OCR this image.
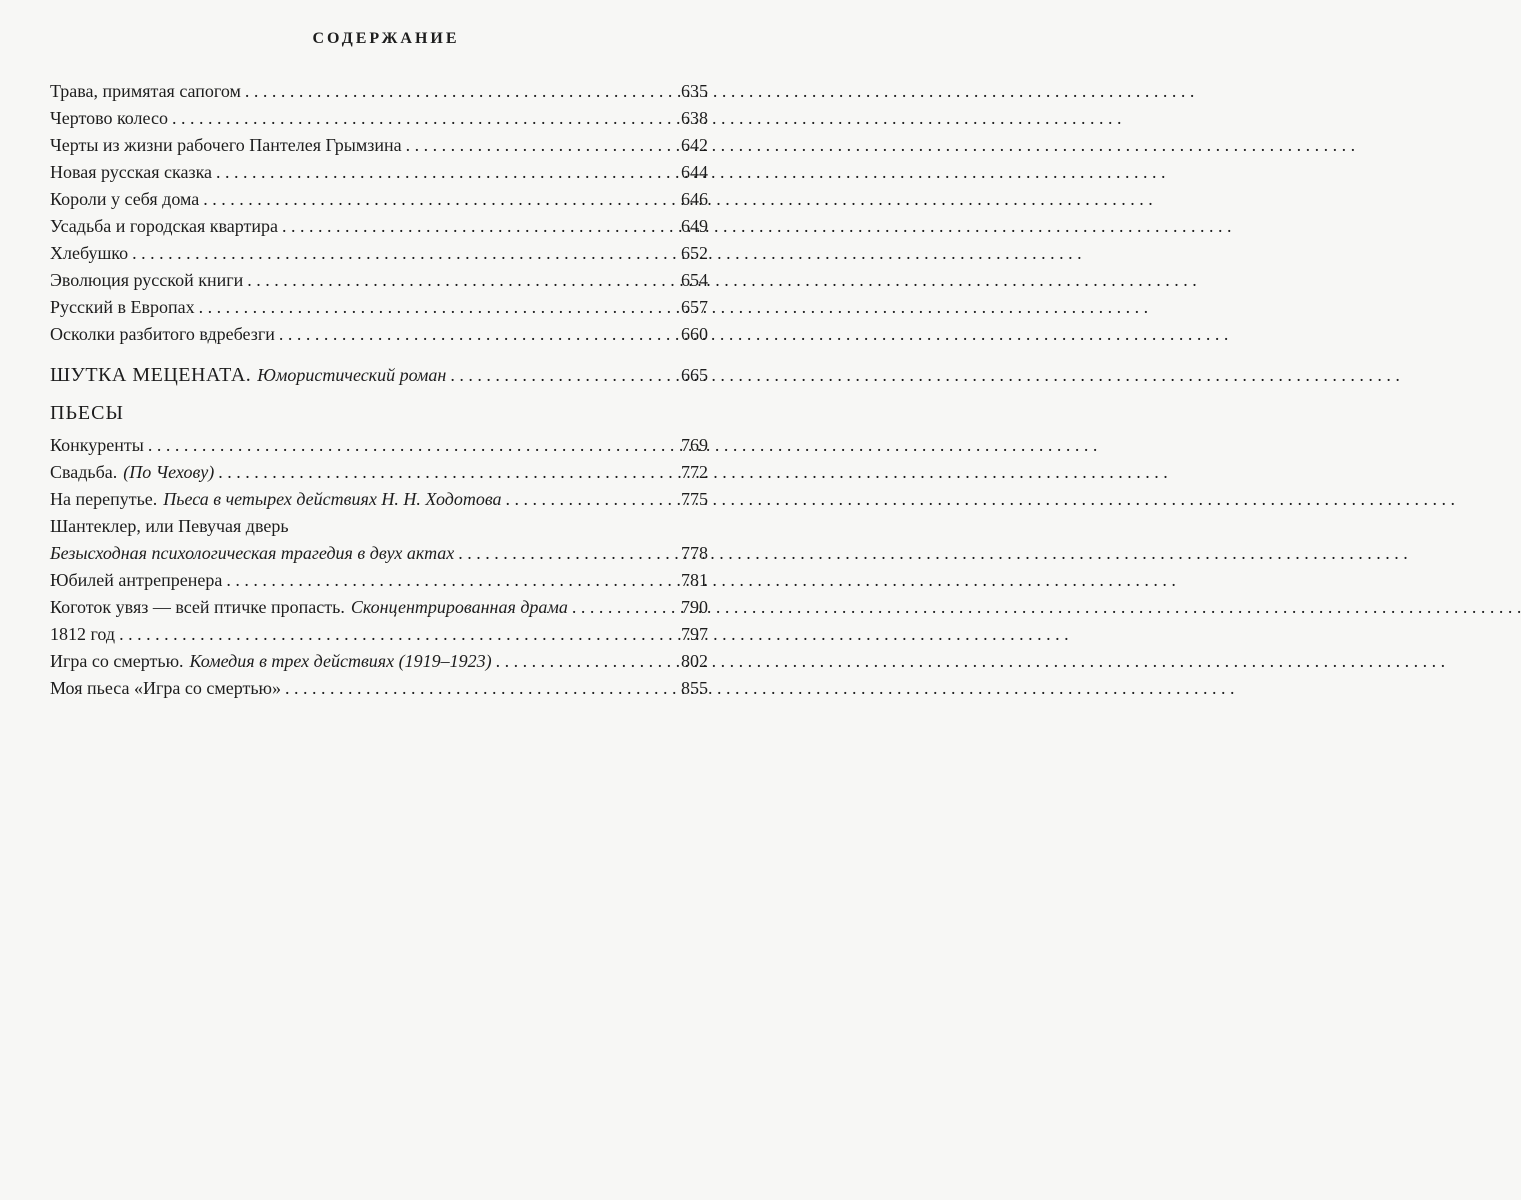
СОДЕРЖАНИЕ
Трава, примятая сапогом . . .	635
Чертово колесо . . .	638
Черты из жизни рабочего Пантелея Грымзина . . .	642
Новая русская сказка . . .	644
Короли у себя дома . . .	646
Усадьба и городская квартира . . .	649
Хлебушко . . .	652
Эволюция русской книги . . .	654
Русский в Европах . . .	657
Осколки разбитого вдребезги . . .	660
ШУТКА МЕЦЕНАТА. Юмористический роман . . .	665
ПЬЕСЫ
Конкуренты . . .	769
Свадьба. (По Чехову) . . .	772
На перепутье. Пьеса в четырех действиях Н. Н. Ходотова . . .	775
Шантеклер, или Певучая дверь
Безысходная психологическая трагедия в двух актах . . .	778
Юбилей антрепренера . . .	781
Коготок увяз — всей птичке пропасть. Сконцентрированная драма . . .	790
1812 год . . .	797
Игра со смертью. Комедия в трех действиях (1919–1923) . . .	802
Моя пьеса «Игра со смертью» . . .	855
